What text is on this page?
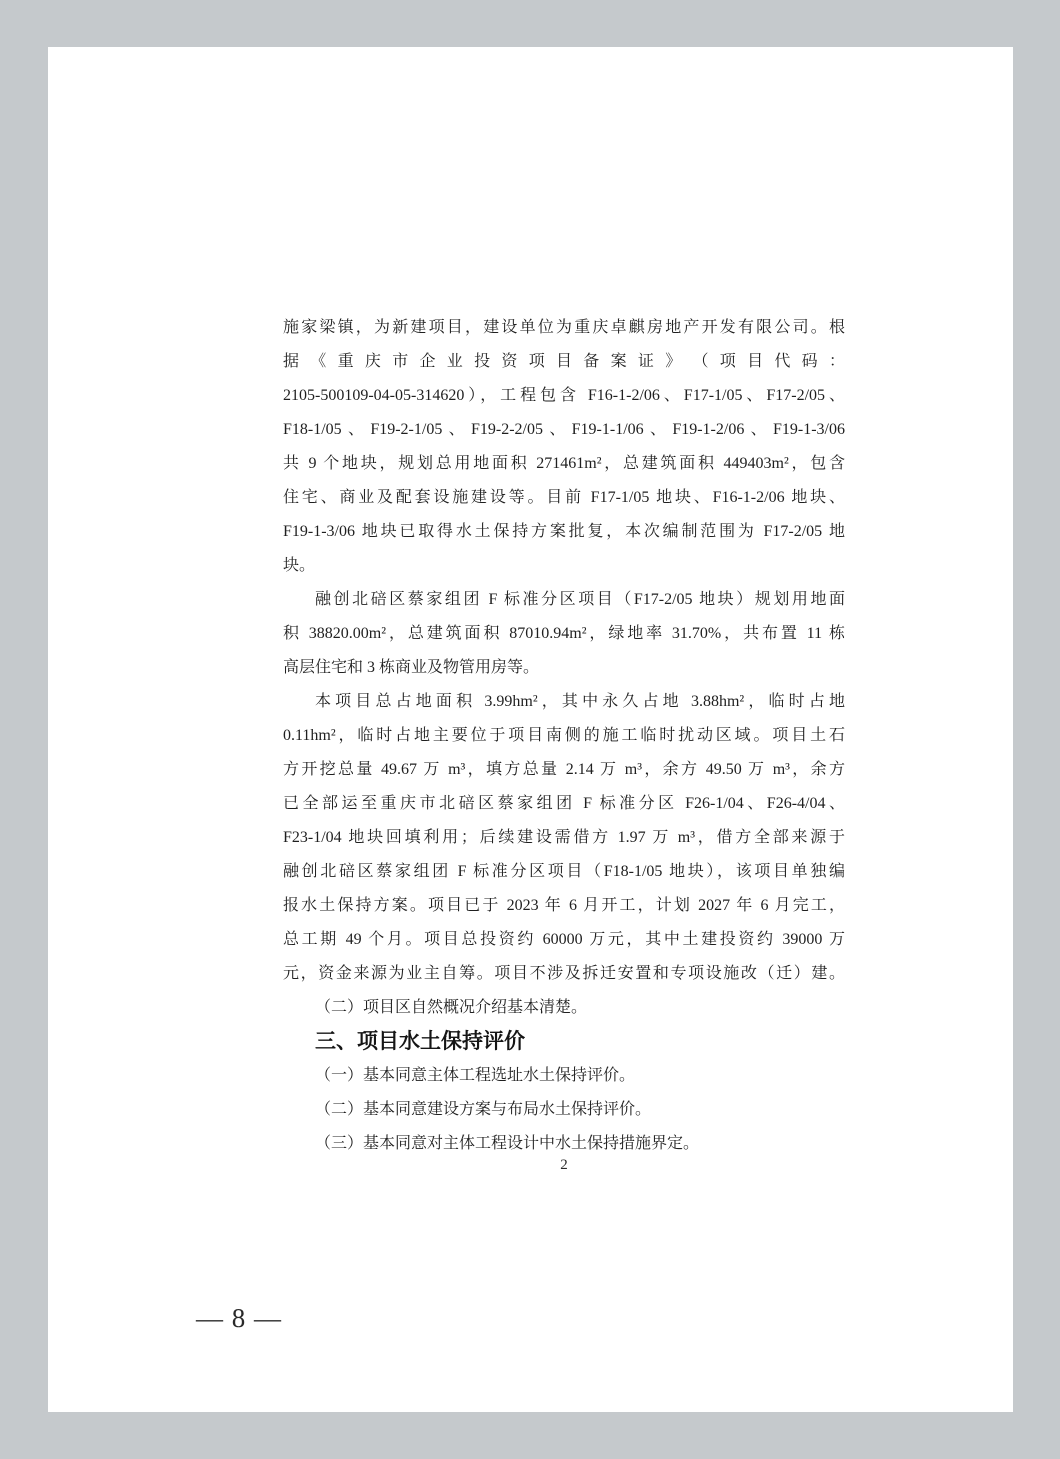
施家梁镇，为新建项目，建设单位为重庆卓麒房地产开发有限公司。根
据 《 重 庆 市 企 业 投 资 项 目 备 案 证 》 （ 项 目 代 码 ：
2105-500109-04-05-314620），工程包含 F16-1-2/06、F17-1/05、F17-2/05、
F18-1/05、F19-2-1/05、F19-2-2/05、F19-1-1/06、F19-1-2/06、F19-1-3/06
共 9 个地块，规划总用地面积 271461m²，总建筑面积 449403m²，包含
住宅、商业及配套设施建设等。目前 F17-1/05 地块、F16-1-2/06 地块、
F19-1-3/06 地块已取得水土保持方案批复，本次编制范围为 F17-2/05 地
块。
融创北碚区蔡家组团 F 标准分区项目（F17-2/05 地块）规划用地面
积 38820.00m²，总建筑面积 87010.94m²，绿地率 31.70%，共布置 11 栋
高层住宅和 3 栋商业及物管用房等。
本项目总占地面积 3.99hm²，其中永久占地 3.88hm²，临时占地
0.11hm²，临时占地主要位于项目南侧的施工临时扰动区域。项目土石
方开挖总量 49.67 万 m³，填方总量 2.14 万 m³，余方 49.50 万 m³，余方
已全部运至重庆市北碚区蔡家组团 F 标准分区 F26-1/04、F26-4/04、
F23-1/04 地块回填利用；后续建设需借方 1.97 万 m³，借方全部来源于
融创北碚区蔡家组团 F 标准分区项目（F18-1/05 地块），该项目单独编
报水土保持方案。项目已于 2023 年 6 月开工，计划 2027 年 6 月完工，
总工期 49 个月。项目总投资约 60000 万元，其中土建投资约 39000 万
元，资金来源为业主自筹。项目不涉及拆迁安置和专项设施改（迁）建。
（二）项目区自然概况介绍基本清楚。
三、项目水土保持评价
（一）基本同意主体工程选址水土保持评价。
（二）基本同意建设方案与布局水土保持评价。
（三）基本同意对主体工程设计中水土保持措施界定。
2
— 8 —
